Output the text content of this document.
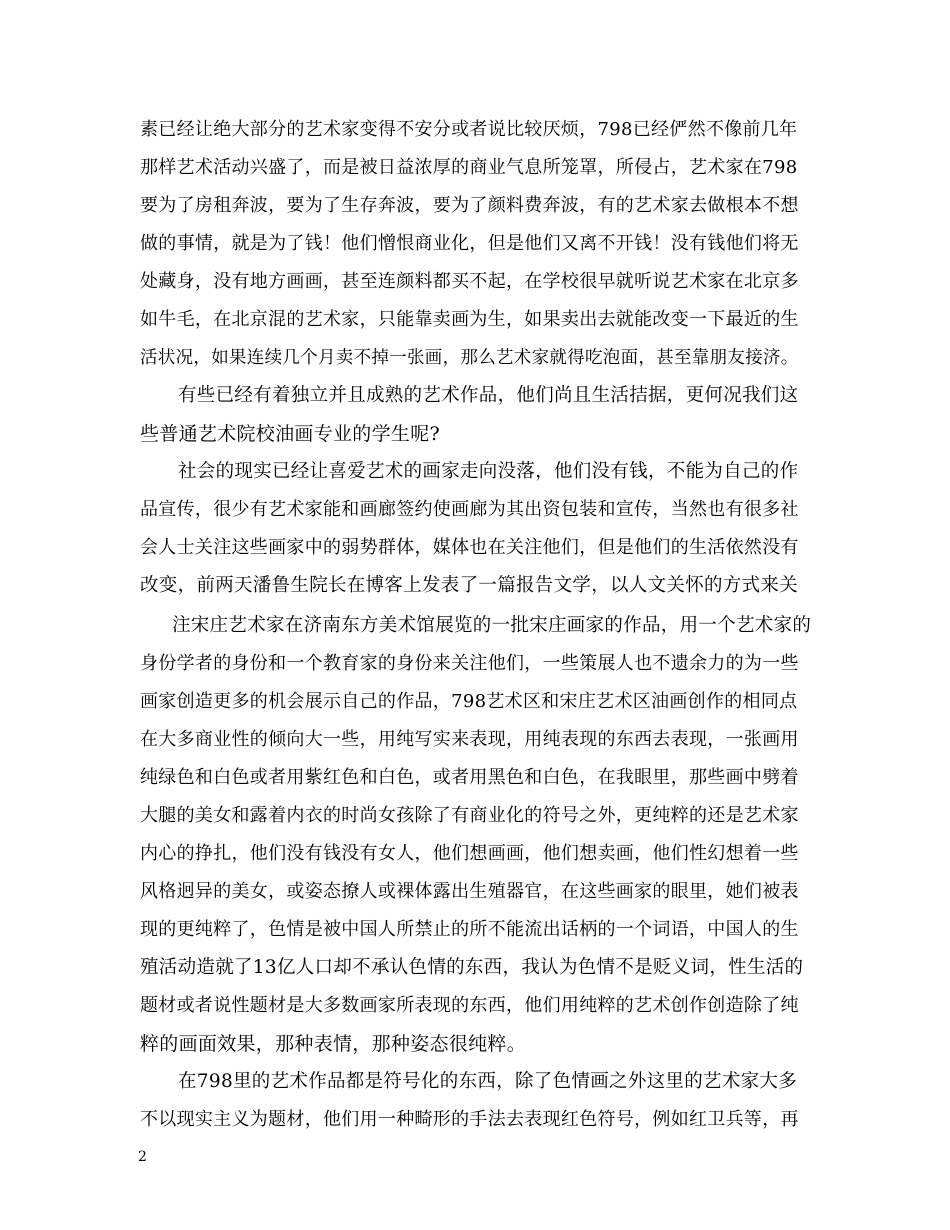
素已经让绝大部分的艺术家变得不安分或者说比较厌烦，798已经俨然不像前几年
那样艺术活动兴盛了，而是被日益浓厚的商业气息所笼罩，所侵占，艺术家在798
要为了房租奔波，要为了生存奔波，要为了颜料费奔波，有的艺术家去做根本不想
做的事情，就是为了钱！他们憎恨商业化，但是他们又离不开钱！没有钱他们将无
处藏身，没有地方画画，甚至连颜料都买不起，在学校很早就听说艺术家在北京多
如牛毛，在北京混的艺术家，只能靠卖画为生，如果卖出去就能改变一下最近的生
活状况，如果连续几个月卖不掉一张画，那么艺术家就得吃泡面，甚至靠朋友接济。
有些已经有着独立并且成熟的艺术作品，他们尚且生活拮据，更何况我们这
些普通艺术院校油画专业的学生呢?
社会的现实已经让喜爱艺术的画家走向没落，他们没有钱，不能为自己的作
品宣传，很少有艺术家能和画廊签约使画廊为其出资包装和宣传，当然也有很多社
会人士关注这些画家中的弱势群体，媒体也在关注他们，但是他们的生活依然没有
改变，前两天潘鲁生院长在博客上发表了一篇报告文学，以人文关怀的方式来关
注宋庄艺术家在济南东方美术馆展览的一批宋庄画家的作品，用一个艺术家的
身份学者的身份和一个教育家的身份来关注他们，一些策展人也不遗余力的为一些
画家创造更多的机会展示自己的作品，798艺术区和宋庄艺术区油画创作的相同点
在大多商业性的倾向大一些，用纯写实来表现，用纯表现的东西去表现，一张画用
纯绿色和白色或者用紫红色和白色，或者用黑色和白色，在我眼里，那些画中劈着
大腿的美女和露着内衣的时尚女孩除了有商业化的符号之外，更纯粹的还是艺术家
内心的挣扎，他们没有钱没有女人，他们想画画，他们想卖画，他们性幻想着一些
风格迥异的美女，或姿态撩人或裸体露出生殖器官，在这些画家的眼里，她们被表
现的更纯粹了，色情是被中国人所禁止的所不能流出话柄的一个词语，中国人的生
殖活动造就了13亿人口却不承认色情的东西，我认为色情不是贬义词，性生活的
题材或者说性题材是大多数画家所表现的东西，他们用纯粹的艺术创作创造除了纯
粹的画面效果，那种表情，那种姿态很纯粹。
在798里的艺术作品都是符号化的东西，除了色情画之外这里的艺术家大多
不以现实主义为题材，他们用一种畸形的手法去表现红色符号，例如红卫兵等，再
2
